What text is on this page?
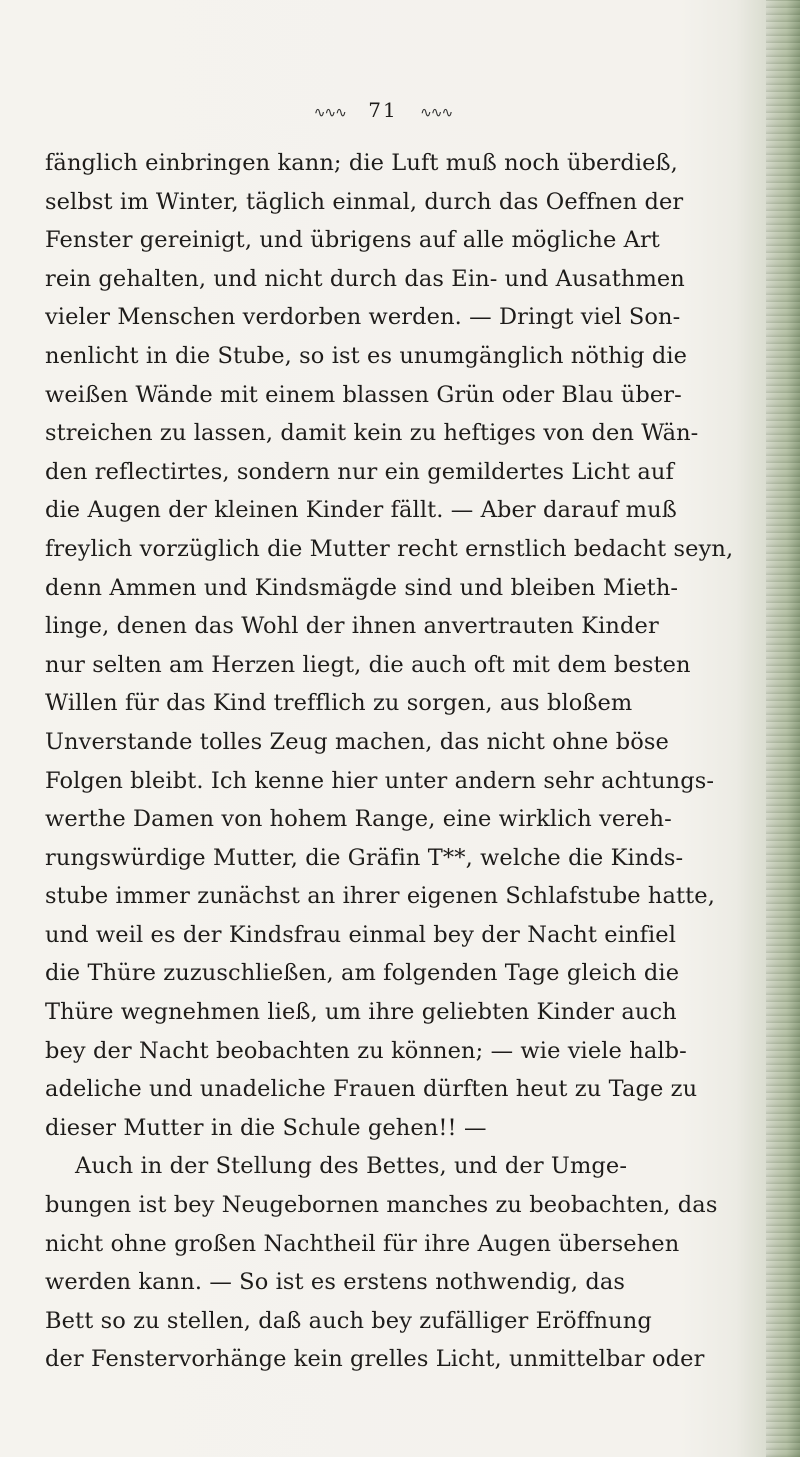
∿∿∿ 71 ∿∿∿
fänglich einbringen kann; die Luft muß noch überdieß,
selbst im Winter, täglich einmal, durch das Oeffnen der
Fenster gereinigt, und übrigens auf alle mögliche Art
rein gehalten, und nicht durch das Ein- und Ausathmen
vieler Menschen verdorben werden. — Dringt viel Son-
nenlicht in die Stube, so ist es unumgänglich nöthig die
weißen Wände mit einem blassen Grün oder Blau über-
streichen zu lassen, damit kein zu heftiges von den Wän-
den reflectirtes, sondern nur ein gemildertes Licht auf
die Augen der kleinen Kinder fällt. — Aber darauf muß
freylich vorzüglich die Mutter recht ernstlich bedacht seyn,
denn Ammen und Kindsmägde sind und bleiben Mieth-
linge, denen das Wohl der ihnen anvertrauten Kinder
nur selten am Herzen liegt, die auch oft mit dem besten
Willen für das Kind trefflich zu sorgen, aus bloßem
Unverstande tolles Zeug machen, das nicht ohne böse
Folgen bleibt. Ich kenne hier unter andern sehr achtungs-
werthe Damen von hohem Range, eine wirklich vereh-
rungswürdige Mutter, die Gräfin T**, welche die Kinds-
stube immer zunächst an ihrer eigenen Schlafstube hatte,
und weil es der Kindsfrau einmal bey der Nacht einfiel
die Thüre zuzuschließen, am folgenden Tage gleich die
Thüre wegnehmen ließ, um ihre geliebten Kinder auch
bey der Nacht beobachten zu können; — wie viele halb-
adeliche und unadeliche Frauen dürften heut zu Tage zu
dieser Mutter in die Schule gehen!! —
Auch in der Stellung des Bettes, und der Umge-
bungen ist bey Neugebornen manches zu beobachten, das
nicht ohne großen Nachtheil für ihre Augen übersehen
werden kann. — So ist es erstens nothwendig, das
Bett so zu stellen, daß auch bey zufälliger Eröffnung
der Fenstervorhänge kein grelles Licht, unmittelbar oder
